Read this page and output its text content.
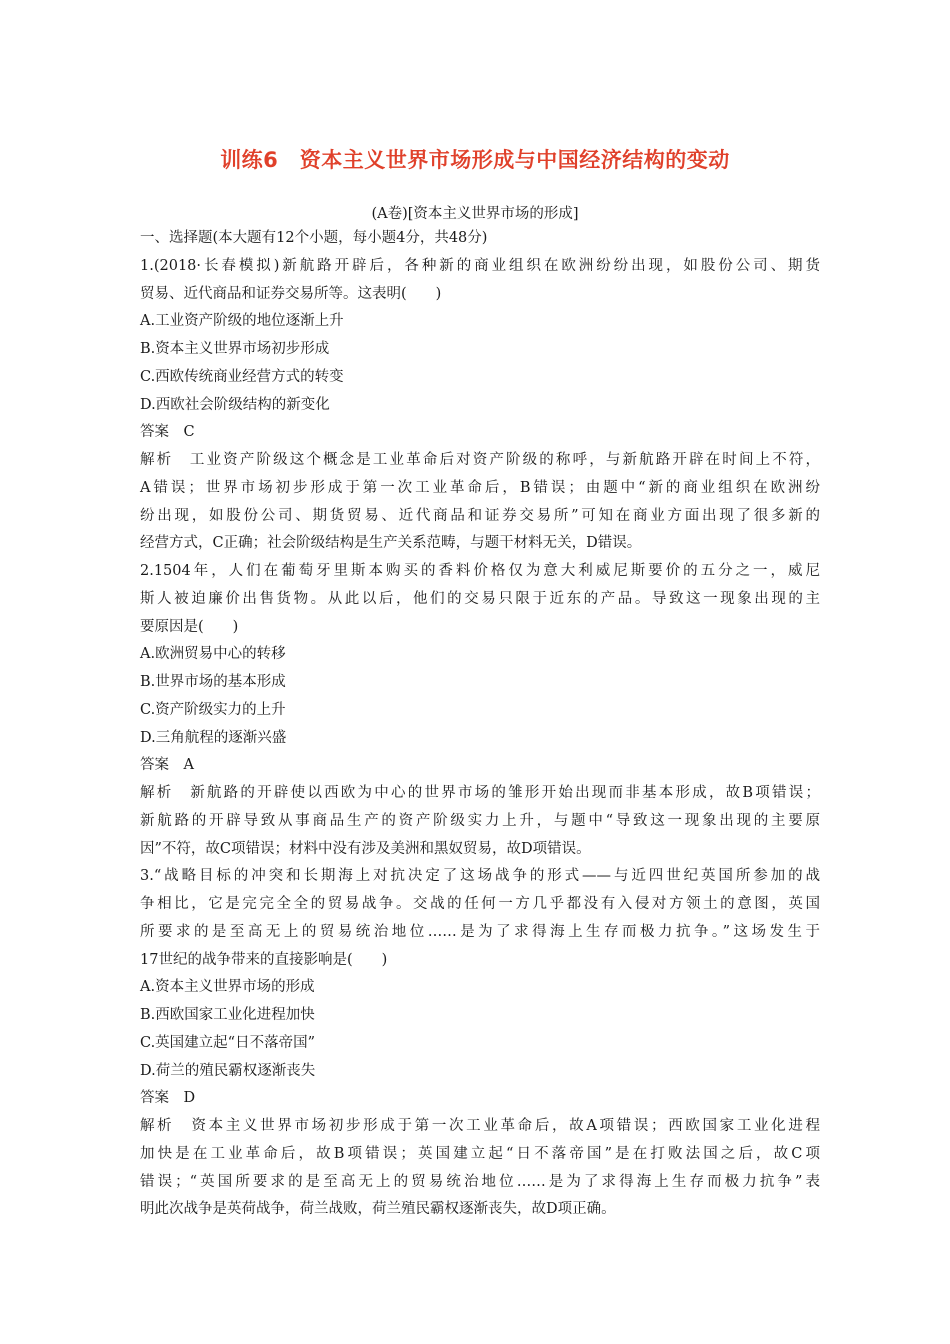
训练6　资本主义世界市场形成与中国经济结构的变动
(A卷)[资本主义世界市场的形成]
一、选择题(本大题有12个小题，每小题4分，共48分)
1.(2018·长春模拟)新航路开辟后，各种新的商业组织在欧洲纷纷出现，如股份公司、期货
贸易、近代商品和证券交易所等。这表明(　　)
A.工业资产阶级的地位逐渐上升
B.资本主义世界市场初步形成
C.西欧传统商业经营方式的转变
D.西欧社会阶级结构的新变化
答案　C
解析　工业资产阶级这个概念是工业革命后对资产阶级的称呼，与新航路开辟在时间上不符，
A错误；世界市场初步形成于第一次工业革命后，B错误；由题中“新的商业组织在欧洲纷
纷出现，如股份公司、期货贸易、近代商品和证券交易所”可知在商业方面出现了很多新的
经营方式，C正确；社会阶级结构是生产关系范畴，与题干材料无关，D错误。
2.1504年，人们在葡萄牙里斯本购买的香料价格仅为意大利威尼斯要价的五分之一，威尼
斯人被迫廉价出售货物。从此以后，他们的交易只限于近东的产品。导致这一现象出现的主
要原因是(　　)
A.欧洲贸易中心的转移
B.世界市场的基本形成
C.资产阶级实力的上升
D.三角航程的逐渐兴盛
答案　A
解析　新航路的开辟使以西欧为中心的世界市场的雏形开始出现而非基本形成，故B项错误；
新航路的开辟导致从事商品生产的资产阶级实力上升，与题中“导致这一现象出现的主要原
因”不符，故C项错误；材料中没有涉及美洲和黑奴贸易，故D项错误。
3.“战略目标的冲突和长期海上对抗决定了这场战争的形式——与近四世纪英国所参加的战
争相比，它是完完全全的贸易战争。交战的任何一方几乎都没有入侵对方领土的意图，英国
所要求的是至高无上的贸易统治地位……是为了求得海上生存而极力抗争。”这场发生于
17世纪的战争带来的直接影响是(　　)
A.资本主义世界市场的形成
B.西欧国家工业化进程加快
C.英国建立起“日不落帝国”
D.荷兰的殖民霸权逐渐丧失
答案　D
解析　资本主义世界市场初步形成于第一次工业革命后，故A项错误；西欧国家工业化进程
加快是在工业革命后，故B项错误；英国建立起“日不落帝国”是在打败法国之后，故C项
错误；“英国所要求的是至高无上的贸易统治地位……是为了求得海上生存而极力抗争”表
明此次战争是英荷战争，荷兰战败，荷兰殖民霸权逐渐丧失，故D项正确。
